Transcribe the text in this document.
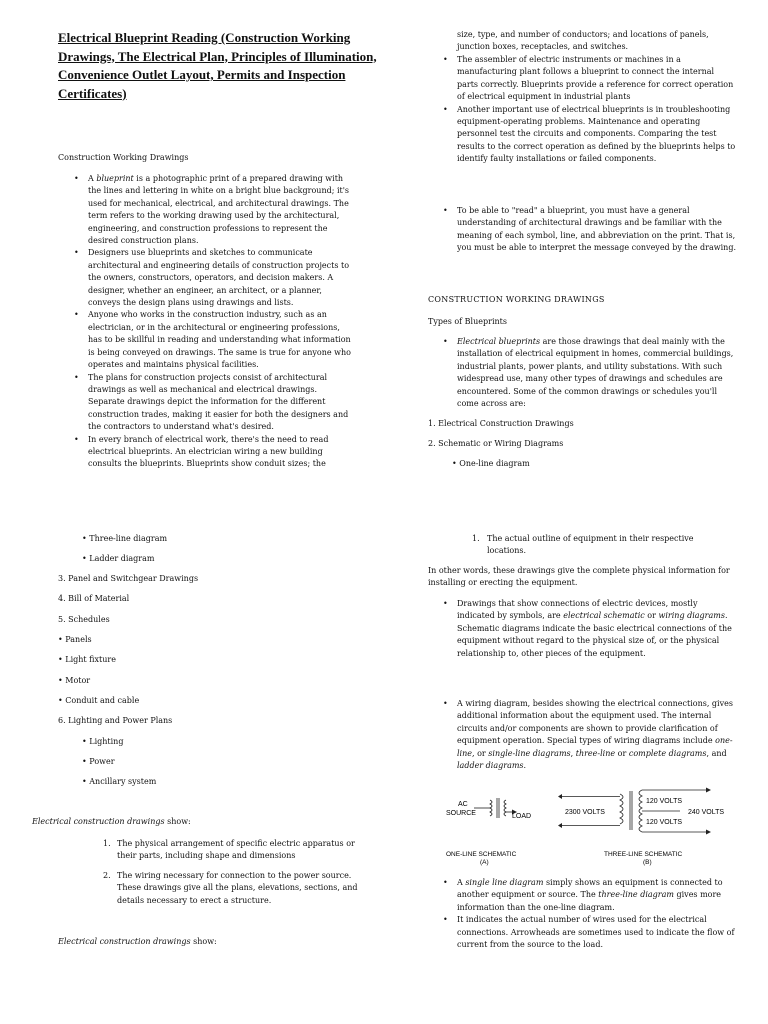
Electrical Blueprint Reading (Construction Working Drawings, The Electrical Plan, Principles of Illumination, Convenience Outlet Layout, Permits and Inspection Certificates)
Construction Working Drawings
• A blueprint is a photographic print of a prepared drawing with the lines and lettering in white on a bright blue background; it's used for mechanical, electrical, and architectural drawings. The term refers to the working drawing used by the architectural, engineering, and construction professions to represent the desired construction plans.
• Designers use blueprints and sketches to communicate architectural and engineering details of construction projects to the owners, constructors, operators, and decision makers. A designer, whether an engineer, an architect, or a planner, conveys the design plans using drawings and lists.
• Anyone who works in the construction industry, such as an electrician, or in the architectural or engineering professions, has to be skillful in reading and understanding what information is being conveyed on drawings. The same is true for anyone who operates and maintains physical facilities.
• The plans for construction projects consist of architectural drawings as well as mechanical and electrical drawings. Separate drawings depict the information for the different construction trades, making it easier for both the designers and the contractors to understand what's desired.
• In every branch of electrical work, there's the need to read electrical blueprints. An electrician wiring a new building consults the blueprints. Blueprints show conduit sizes; the
size, type, and number of conductors; and locations of panels, junction boxes, receptacles, and switches.
• The assembler of electric instruments or machines in a manufacturing plant follows a blueprint to connect the internal parts correctly. Blueprints provide a reference for correct operation of electrical equipment in industrial plants
• Another important use of electrical blueprints is in troubleshooting equipment-operating problems. Maintenance and operating personnel test the circuits and components. Comparing the test results to the correct operation as defined by the blueprints helps to identify faulty installations or failed components.
• To be able to "read" a blueprint, you must have a general understanding of architectural drawings and be familiar with the meaning of each symbol, line, and abbreviation on the print. That is, you must be able to interpret the message conveyed by the drawing.
CONSTRUCTION WORKING DRAWINGS
Types of Blueprints
• Electrical blueprints are those drawings that deal mainly with the installation of electrical equipment in homes, commercial buildings, industrial plants, power plants, and utility substations. With such widespread use, many other types of drawings and schedules are encountered. Some of the common drawings or schedules you'll come across are:
1. Electrical Construction Drawings
2. Schematic or Wiring Diagrams
• One-line diagram
• Three-line diagram
• Ladder diagram
3. Panel and Switchgear Drawings
4. Bill of Material
5. Schedules
• Panels
• Light fixture
• Motor
• Conduit and cable
6. Lighting and Power Plans
• Lighting
• Power
• Ancillary system
Electrical construction drawings show:
1. The physical arrangement of specific electric apparatus or their parts, including shape and dimensions
2. The wiring necessary for connection to the power source. These drawings give all the plans, elevations, sections, and details necessary to erect a structure.
Electrical construction drawings show:
1. The actual outline of equipment in their respective locations.
In other words, these drawings give the complete physical information for installing or erecting the equipment.
• Drawings that show connections of electric devices, mostly indicated by symbols, are electrical schematic or wiring diagrams. Schematic diagrams indicate the basic electrical connections of the equipment without regard to the physical size of, or the physical relationship to, other pieces of the equipment.
• A wiring diagram, besides showing the electrical connections, gives additional information about the equipment used. The internal circuits and/or components are shown to provide clarification of equipment operation. Special types of wiring diagrams include one-line, or single-line diagrams, three-line or complete diagrams, and ladder diagrams.
AC
SOURCE	LOAD
ONE-LINE SCHEMATIC
(A)
2300 VOLTS
120 VOLTS
240 VOLTS
120 VOLTS
THREE-LINE SCHEMATIC
(B)
• A single line diagram simply shows an equipment is connected to another equipment or source. The three-line diagram gives more information than the one-line diagram.
• It indicates the actual number of wires used for the electrical connections. Arrowheads are sometimes used to indicate the flow of current from the source to the load.
